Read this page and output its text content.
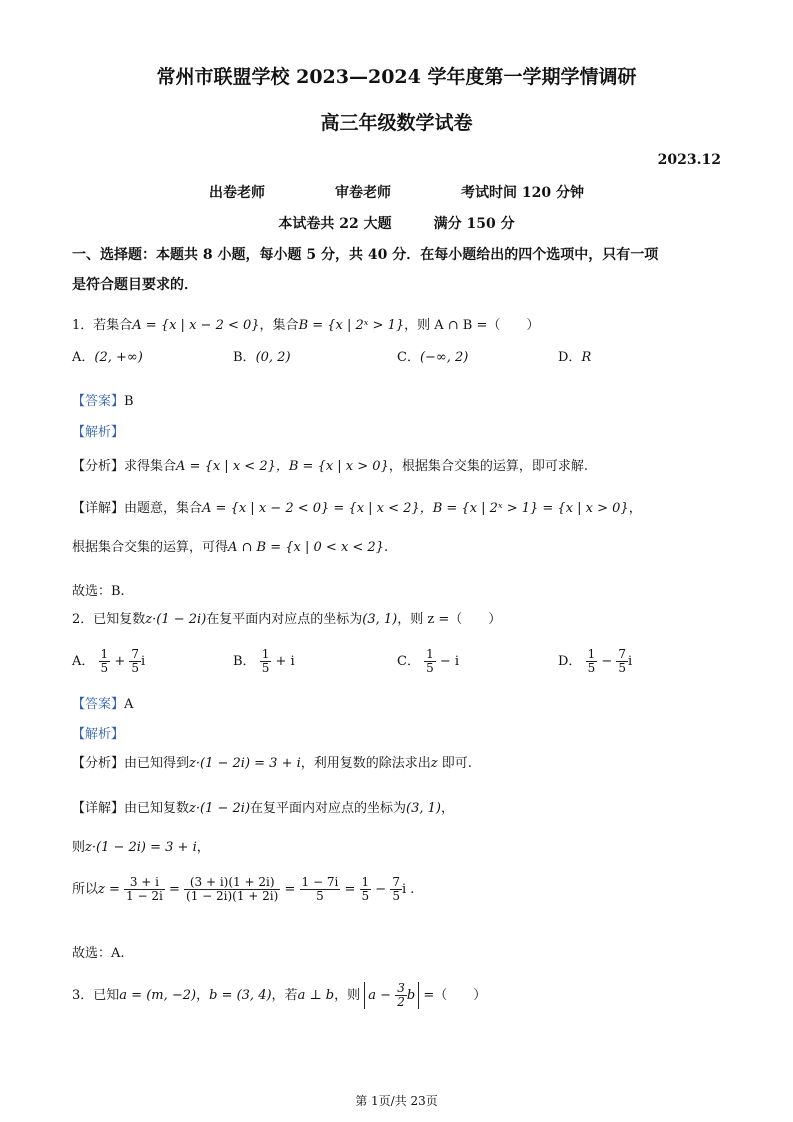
常州市联盟学校 2023—2024 学年度第一学期学情调研
高三年级数学试卷
2023.12
出卷老师　　　　　审卷老师　　　　　考试时间 120 分钟
本试卷共 22 大题　　　满分 150 分
一、选择题：本题共 8 小题，每小题 5 分，共 40 分．在每小题给出的四个选项中，只有一项
是符合题目要求的．
1．若集合A = {x | x − 2 < 0}，集合B = {x | 2ˣ > 1}，则 A ∩ B =（　　）
A．(2, +∞)	B．(0, 2)	C．(−∞, 2)	D．R
【答案】B
【解析】
【分析】求得集合A = {x | x < 2}，B = {x | x > 0}，根据集合交集的运算，即可求解.
【详解】由题意，集合A = {x | x − 2 < 0} = {x | x < 2}，B = {x | 2ˣ > 1} = {x | x > 0}，
根据集合交集的运算，可得A ∩ B = {x | 0 < x < 2}.
故选：B.
2．已知复数z·(1 − 2i)在复平面内对应点的坐标为(3, 1)，则 z =（　　）
A． $\frac{1}{5} + \frac{7}{5}$ i	B． $\frac{1}{5} + i$	C． $\frac{1}{5} - i$	D． $\frac{1}{5} - \frac{7}{5}$ i
【答案】A
【解析】
【分析】由已知得到z·(1 − 2i) = 3 + i，利用复数的除法求出z 即可.
【详解】由已知复数z·(1 − 2i)在复平面内对应点的坐标为(3, 1)，
则z·(1 − 2i) = 3 + i，
所以$z = \frac{3 + i}{1 - 2i} = \frac{(3 + i)(1 + 2i)}{(1 - 2i)(1 + 2i)} = \frac{1 - 7i}{5} = \frac{1}{5} - \frac{7}{5}$ i .
故选：A.
3．已知a = (m, −2)，b = (3, 4)，若a ⊥ b，则 $a - \frac{3}{2}$ b =（　　）
第 1页/共 23页
